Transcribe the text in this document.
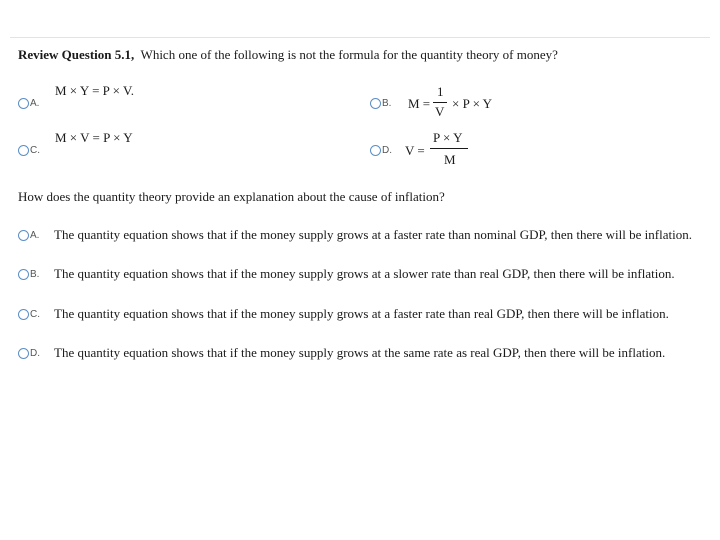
Review Question 5.1, Which one of the following is not the formula for the quantity theory of money?
A.
M × Y = P × V.
B. M =
1
V
× P × Y
C.
M × V = P × Y
D. V =
P × Y
M
How does the quantity theory provide an explanation about the cause of inflation?
A. The quantity equation shows that if the money supply grows at a faster rate than nominal GDP, then there will be inflation.
B. The quantity equation shows that if the money supply grows at a slower rate than real GDP, then there will be inflation.
C. The quantity equation shows that if the money supply grows at a faster rate than real GDP, then there will be inflation.
D. The quantity equation shows that if the money supply grows at the same rate as real GDP, then there will be inflation.
